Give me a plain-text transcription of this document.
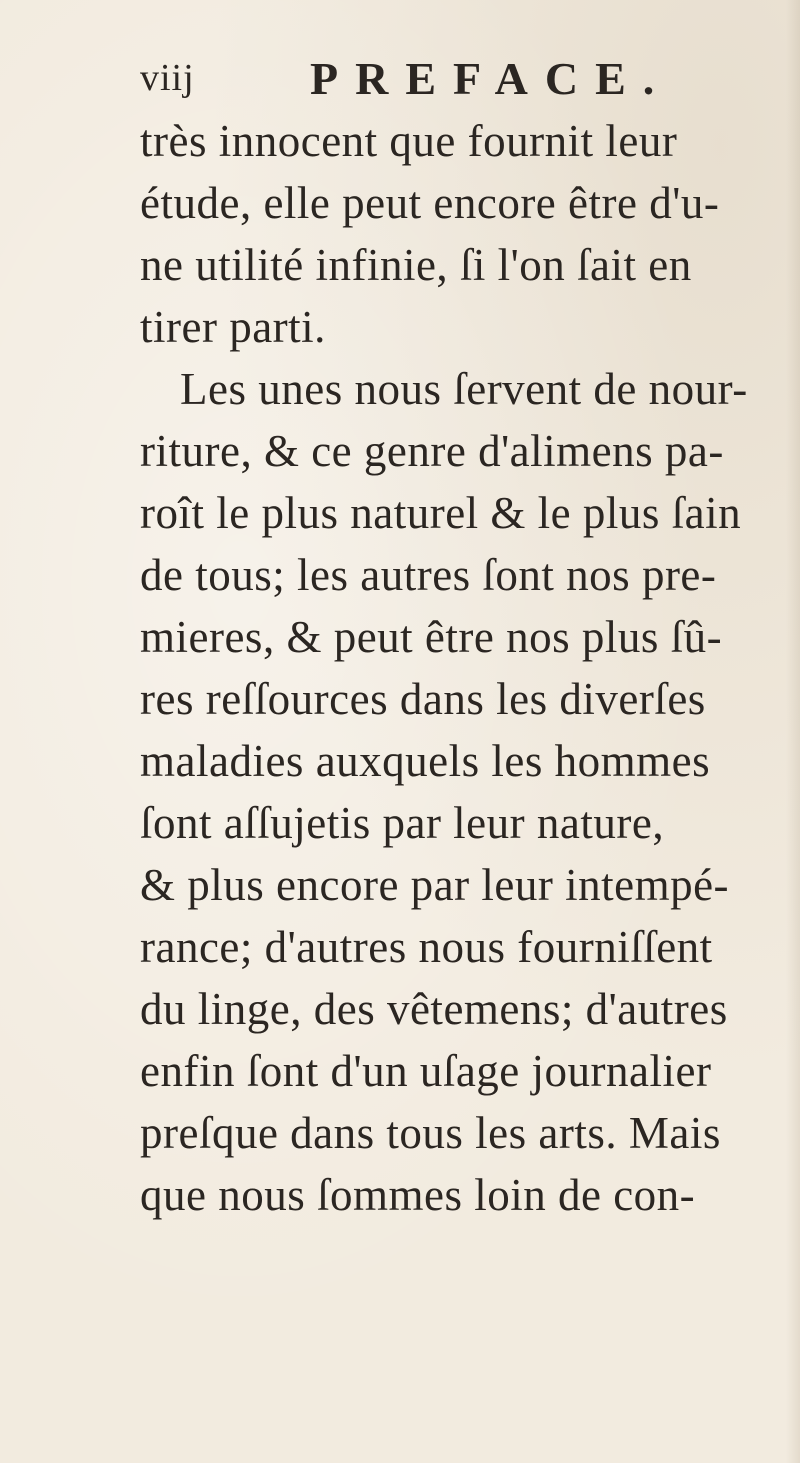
viij	PREFACE.
très innocent que fournit leur
étude, elle peut encore être d'u-
ne utilité infinie, ſi l'on ſait en
tirer parti.
Les unes nous ſervent de nour-
riture, & ce genre d'alimens pa-
roît le plus naturel & le plus ſain
de tous; les autres ſont nos pre-
mieres, & peut être nos plus ſû-
res reſſources dans les diverſes
maladies auxquels les hommes
ſont aſſujetis par leur nature,
& plus encore par leur intempé-
rance; d'autres nous fourniſſent
du linge, des vêtemens; d'autres
enfin ſont d'un uſage journalier
preſque dans tous les arts. Mais
que nous ſommes loin de con-
